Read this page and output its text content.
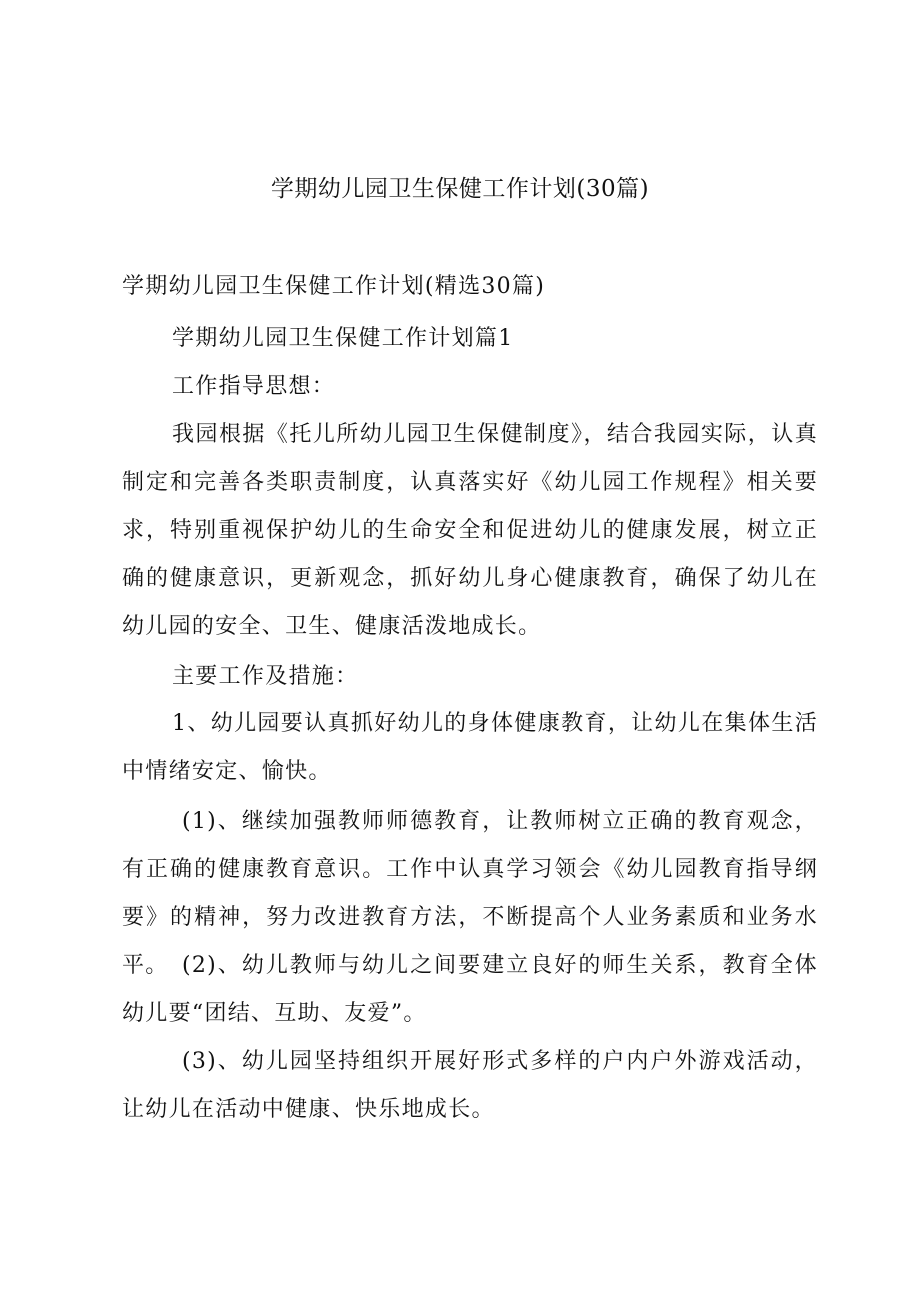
学期幼儿园卫生保健工作计划(30篇)
学期幼儿园卫生保健工作计划(精选30篇)
学期幼儿园卫生保健工作计划篇1
工作指导思想：

我园根据《托儿所幼儿园卫生保健制度》，结合我园实际，认真制定和完善各类职责制度，认真落实好《幼儿园工作规程》相关要求，特别重视保护幼儿的生命安全和促进幼儿的健康发展，树立正确的健康意识，更新观念，抓好幼儿身心健康教育，确保了幼儿在幼儿园的安全、卫生、健康活泼地成长。

主要工作及措施：

1、幼儿园要认真抓好幼儿的身体健康教育，让幼儿在集体生活中情绪安定、愉快。

(1)、继续加强教师师德教育，让教师树立正确的教育观念，有正确的健康教育意识。工作中认真学习领会《幼儿园教育指导纲要》的精神，努力改进教育方法，不断提高个人业务素质和业务水平。 (2)、幼儿教师与幼儿之间要建立良好的师生关系，教育全体幼儿要“团结、互助、友爱”。

(3)、幼儿园坚持组织开展好形式多样的户内户外游戏活动，让幼儿在活动中健康、快乐地成长。
